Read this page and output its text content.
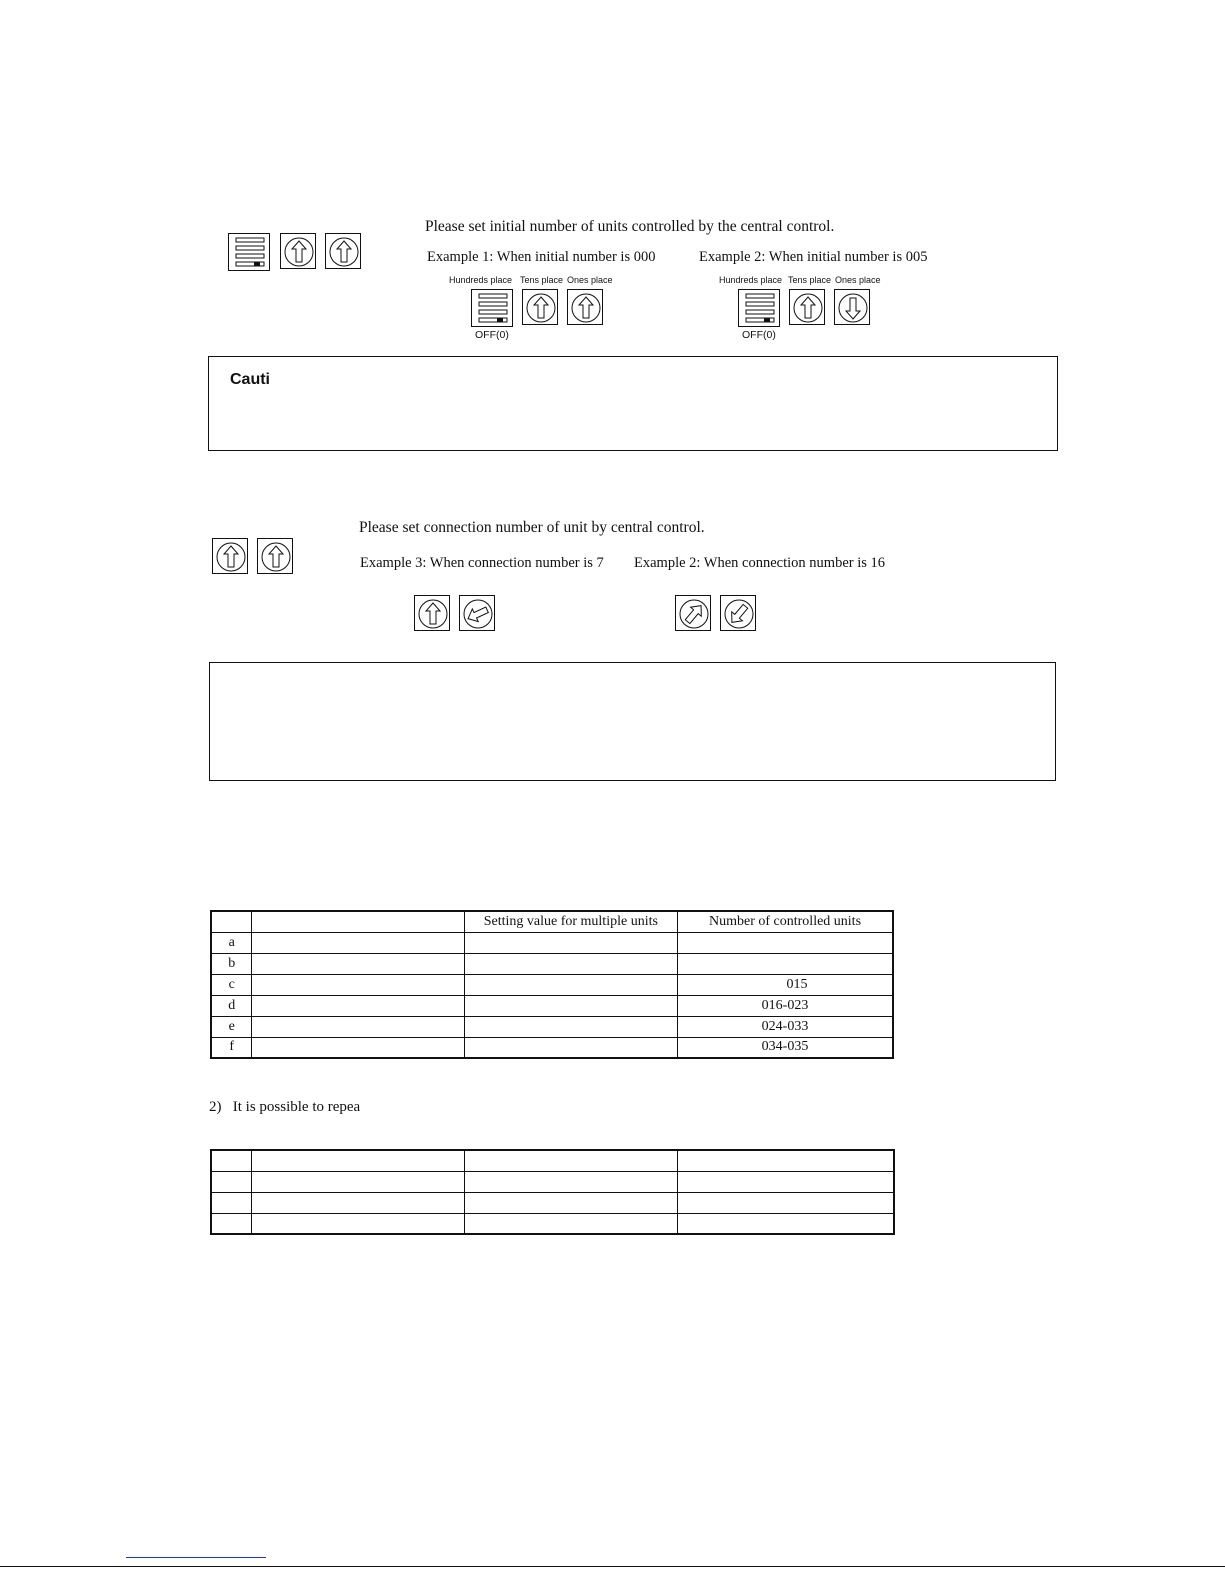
Please set initial number of units controlled by the central control.
Example 1: When initial number is 000	Example 2: When initial number is 005
Hundreds place Tens place Ones place
OFF(0)
Hundreds place Tens place Ones place
OFF(0)
Cauti
Please set connection number of unit by central control.
Example 3: When connection number is 7 Example 2: When connection number is 16
		Setting value for multiple units	Number of controlled units
a			
b			
c			015
d			016-023
e			024-033
f			034-035
2)   It is possible to repea
